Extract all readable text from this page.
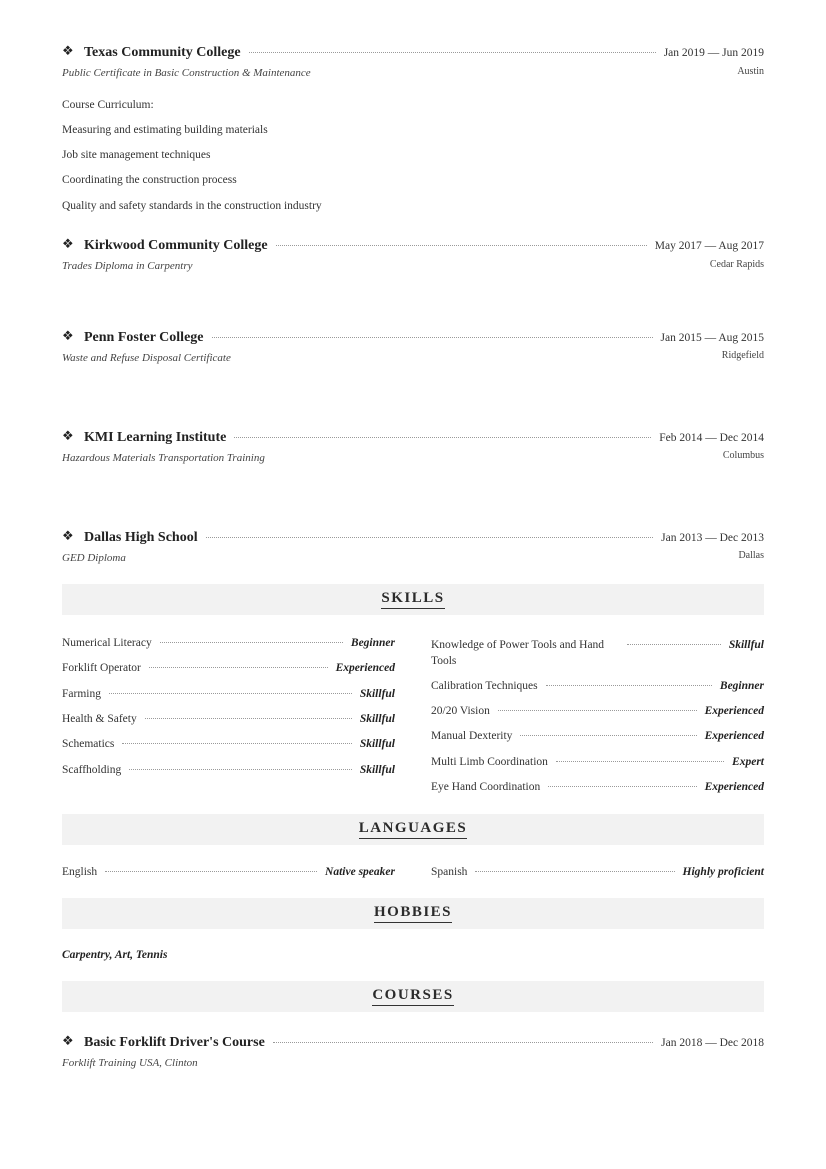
❖ Texas Community College	Jan 2019 — Jun 2019
Public Certificate in Basic Construction & Maintenance	Austin
Course Curriculum:
Measuring and estimating building materials
Job site management techniques
Coordinating the construction process
Quality and safety standards in the construction industry
❖ Kirkwood Community College	May 2017 — Aug 2017
Trades Diploma in Carpentry	Cedar Rapids
❖ Penn Foster College	Jan 2015 — Aug 2015
Waste and Refuse Disposal Certificate	Ridgefield
❖ KMI Learning Institute	Feb 2014 — Dec 2014
Hazardous Materials Transportation Training	Columbus
❖ Dallas High School	Jan 2013 — Dec 2013
GED Diploma	Dallas
SKILLS
Numerical Literacy	Beginner
Forklift Operator	Experienced
Farming	Skillful
Health & Safety	Skillful
Schematics	Skillful
Scaffholding	Skillful
Knowledge of Power Tools and Hand Tools
Skillful
Calibration Techniques	Beginner
20/20 Vision	Experienced
Manual Dexterity	Experienced
Multi Limb Coordination	Expert
Eye Hand Coordination	Experienced
LANGUAGES
English	Native speaker	Spanish	Highly proficient
HOBBIES
Carpentry, Art, Tennis
COURSES
❖ Basic Forklift Driver's Course	Jan 2018 — Dec 2018
Forklift Training USA, Clinton
